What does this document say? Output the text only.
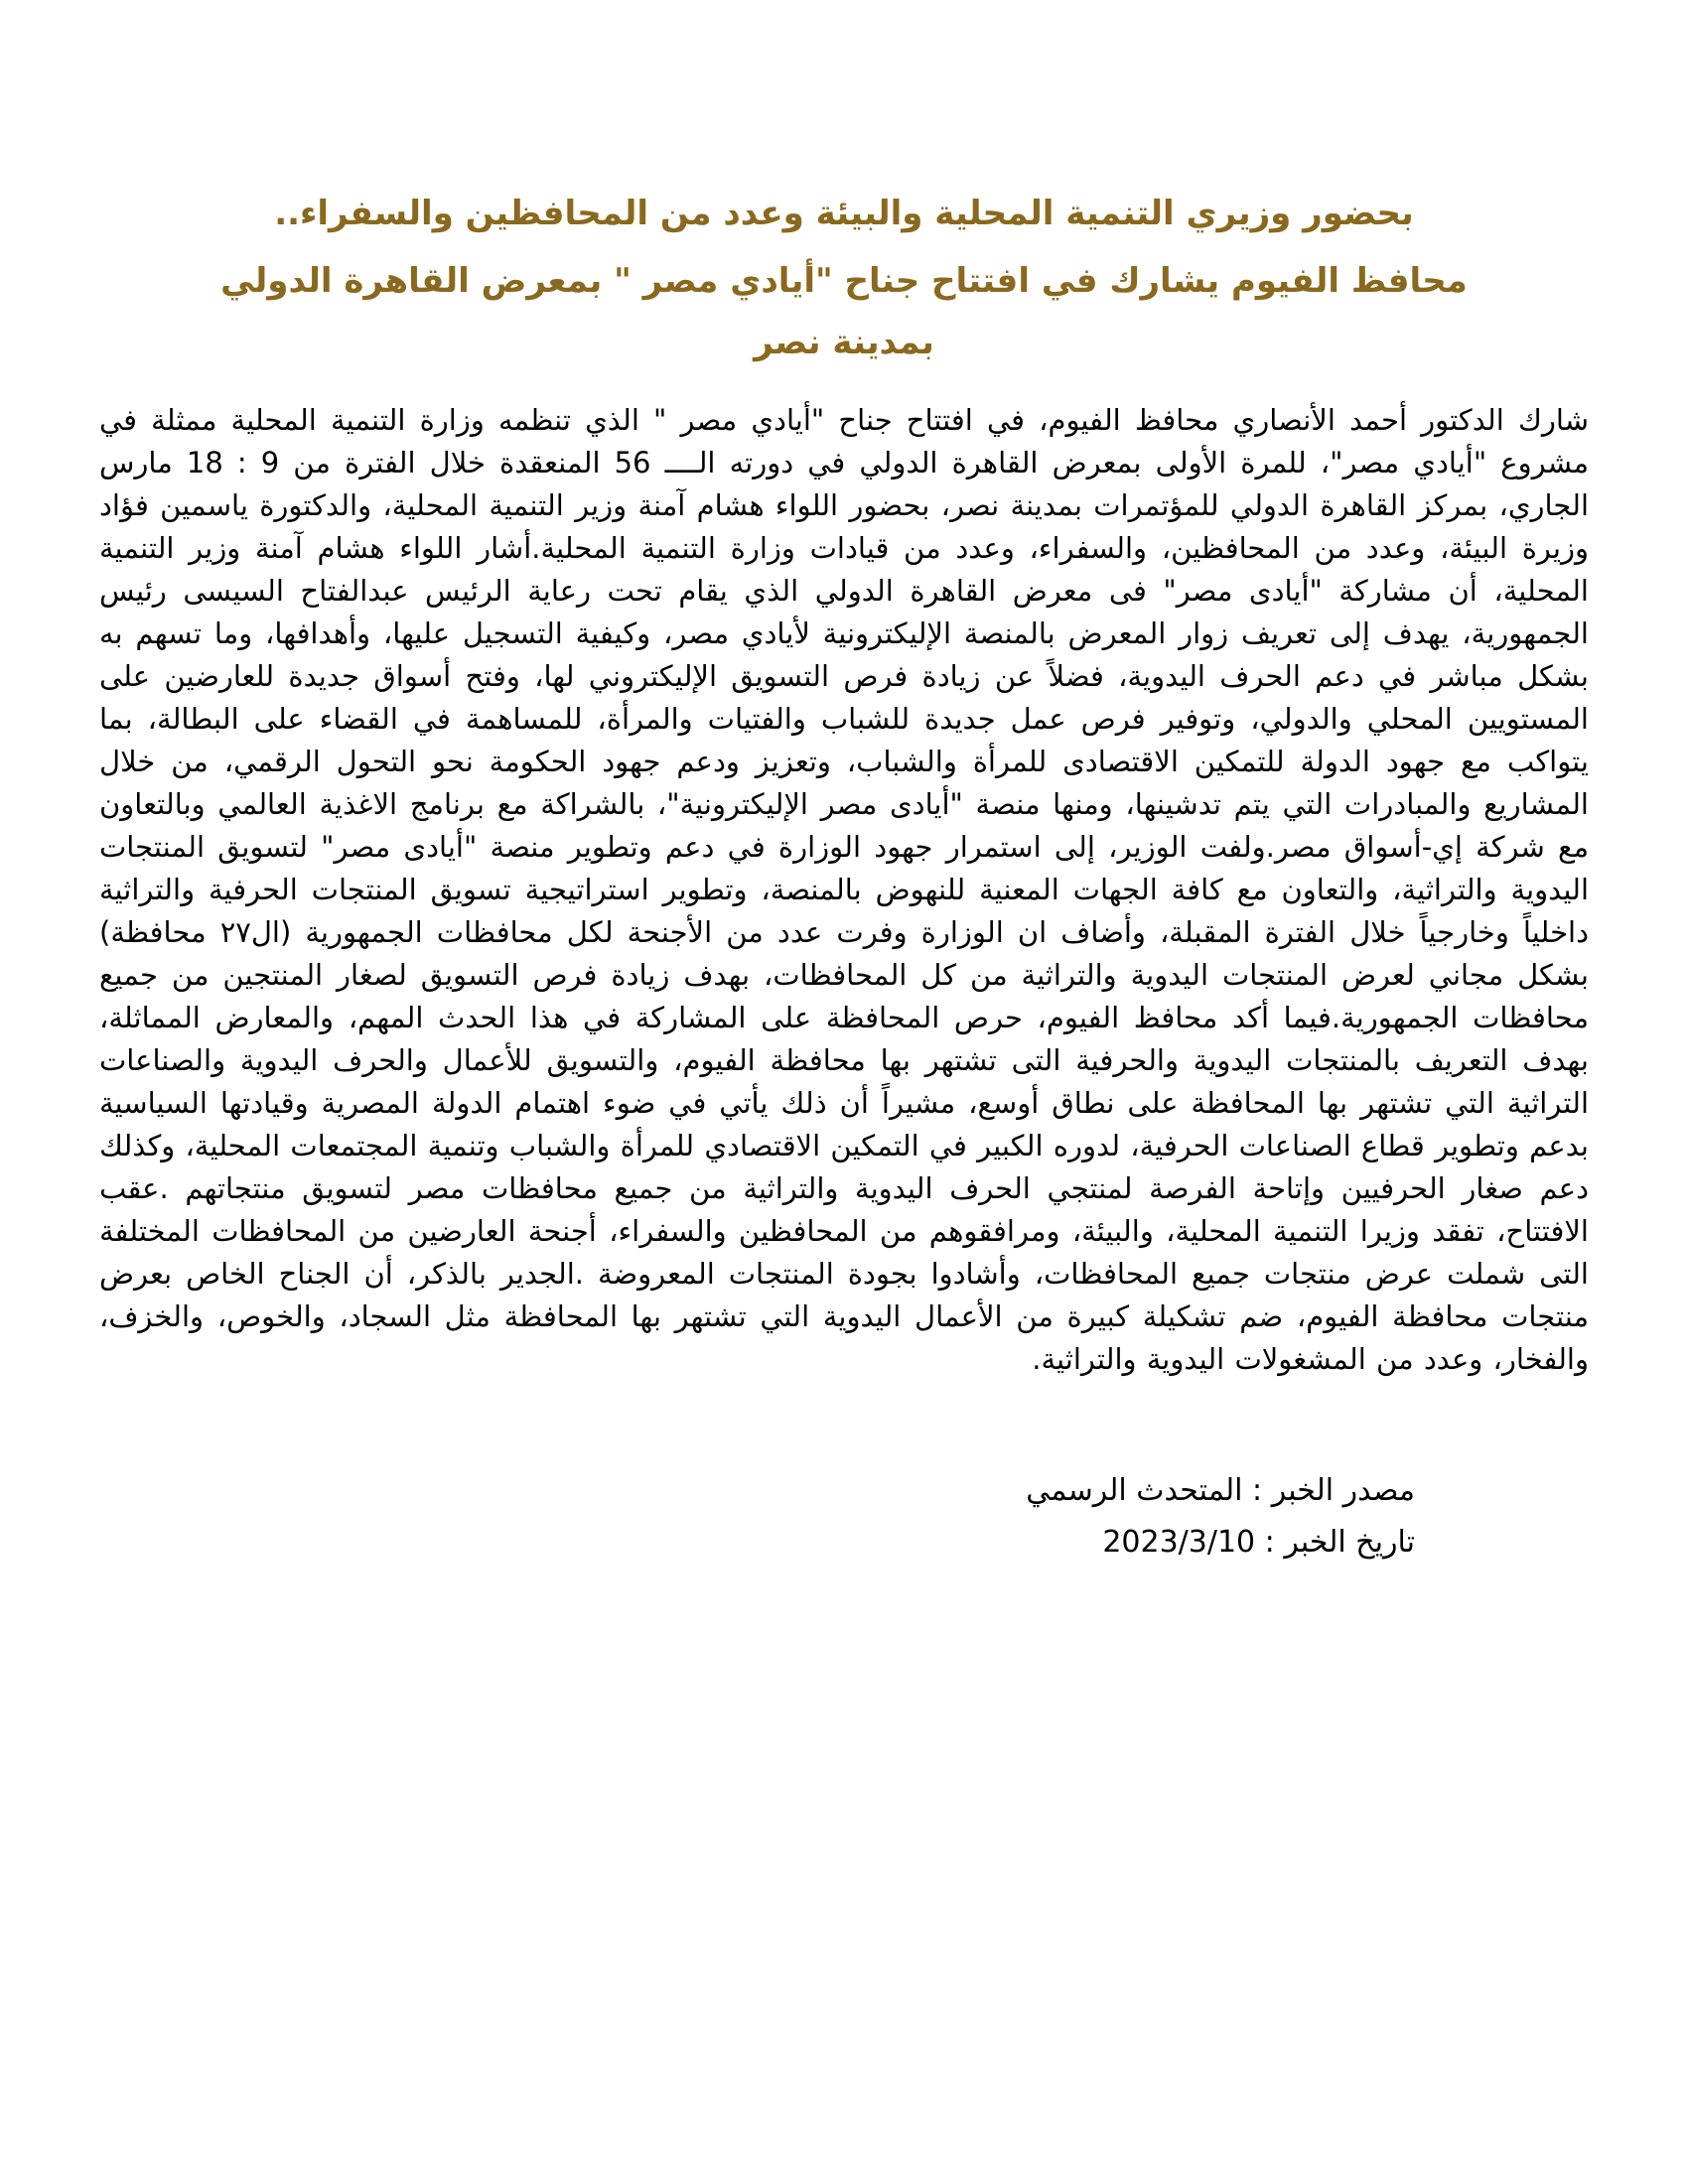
بحضور وزيري التنمية المحلية والبيئة وعدد من المحافظين والسفراء..
محافظ الفيوم يشارك في افتتاح جناح "أيادي مصر " بمعرض القاهرة الدولي
بمدينة نصر

شارك الدكتور أحمد الأنصاري محافظ الفيوم، في افتتاح جناح "أيادي مصر " الذي تنظمه وزارة التنمية المحلية ممثلة في مشروع "أيادي مصر"، للمرة الأولى بمعرض القاهرة الدولي في دورته الــــ 56 المنعقدة خلال الفترة من 9 : 18 مارس الجاري، بمركز القاهرة الدولي للمؤتمرات بمدينة نصر، بحضور اللواء هشام آمنة وزير التنمية المحلية، والدكتورة ياسمين فؤاد وزيرة البيئة، وعدد من المحافظين، والسفراء، وعدد من قيادات وزارة التنمية المحلية.أشار اللواء هشام آمنة وزير التنمية المحلية، أن مشاركة "أيادى مصر" فى معرض القاهرة الدولي الذي يقام تحت رعاية الرئيس عبدالفتاح السيسى رئيس الجمهورية، يهدف إلى تعريف زوار المعرض بالمنصة الإليكترونية لأيادي مصر، وكيفية التسجيل عليها، وأهدافها، وما تسهم به بشكل مباشر في دعم الحرف اليدوية، فضلاً عن زيادة فرص التسويق الإليكتروني لها، وفتح أسواق جديدة للعارضين على المستويين المحلي والدولي، وتوفير فرص عمل جديدة للشباب والفتيات والمرأة، للمساهمة في القضاء على البطالة، بما يتواكب مع جهود الدولة للتمكين الاقتصادى للمرأة والشباب، وتعزيز ودعم جهود الحكومة نحو التحول الرقمي، من خلال المشاريع والمبادرات التي يتم تدشينها، ومنها منصة "أيادى مصر الإليكترونية"، بالشراكة مع برنامج الاغذية العالمي وبالتعاون مع شركة إي-أسواق مصر.ولفت الوزير، إلى استمرار جهود الوزارة في دعم وتطوير منصة "أيادى مصر" لتسويق المنتجات اليدوية والتراثية، والتعاون مع كافة الجهات المعنية للنهوض بالمنصة، وتطوير استراتيجية تسويق المنتجات الحرفية والتراثية داخلياً وخارجياً خلال الفترة المقبلة، وأضاف ان الوزارة وفرت عدد من الأجنحة لكل محافظات الجمهورية (ال٢٧ محافظة) بشكل مجاني لعرض المنتجات اليدوية والتراثية من كل المحافظات، بهدف زيادة فرص التسويق لصغار المنتجين من جميع محافظات الجمهورية.فيما أكد محافظ الفيوم، حرص المحافظة على المشاركة في هذا الحدث المهم، والمعارض المماثلة، بهدف التعريف بالمنتجات اليدوية والحرفية التى تشتهر بها محافظة الفيوم، والتسويق للأعمال والحرف اليدوية والصناعات التراثية التي تشتهر بها المحافظة على نطاق أوسع، مشيراً أن ذلك يأتي في ضوء اهتمام الدولة المصرية وقيادتها السياسية بدعم وتطوير قطاع الصناعات الحرفية، لدوره الكبير في التمكين الاقتصادي للمرأة والشباب وتنمية المجتمعات المحلية، وكذلك دعم صغار الحرفيين وإتاحة الفرصة لمنتجي الحرف اليدوية والتراثية من جميع محافظات مصر لتسويق منتجاتهم .عقب الافتتاح، تفقد وزيرا التنمية المحلية، والبيئة، ومرافقوهم من المحافظين والسفراء، أجنحة العارضين من المحافظات المختلفة التى شملت عرض منتجات جميع المحافظات، وأشادوا بجودة المنتجات المعروضة .الجدير بالذكر، أن الجناح الخاص بعرض منتجات محافظة الفيوم، ضم تشكيلة كبيرة من الأعمال اليدوية التي تشتهر بها المحافظة مثل السجاد، والخوص، والخزف، والفخار، وعدد من المشغولات اليدوية والتراثية.

مصدر الخبر : المتحدث الرسمي
تاريخ الخبر : 2023/3/10
